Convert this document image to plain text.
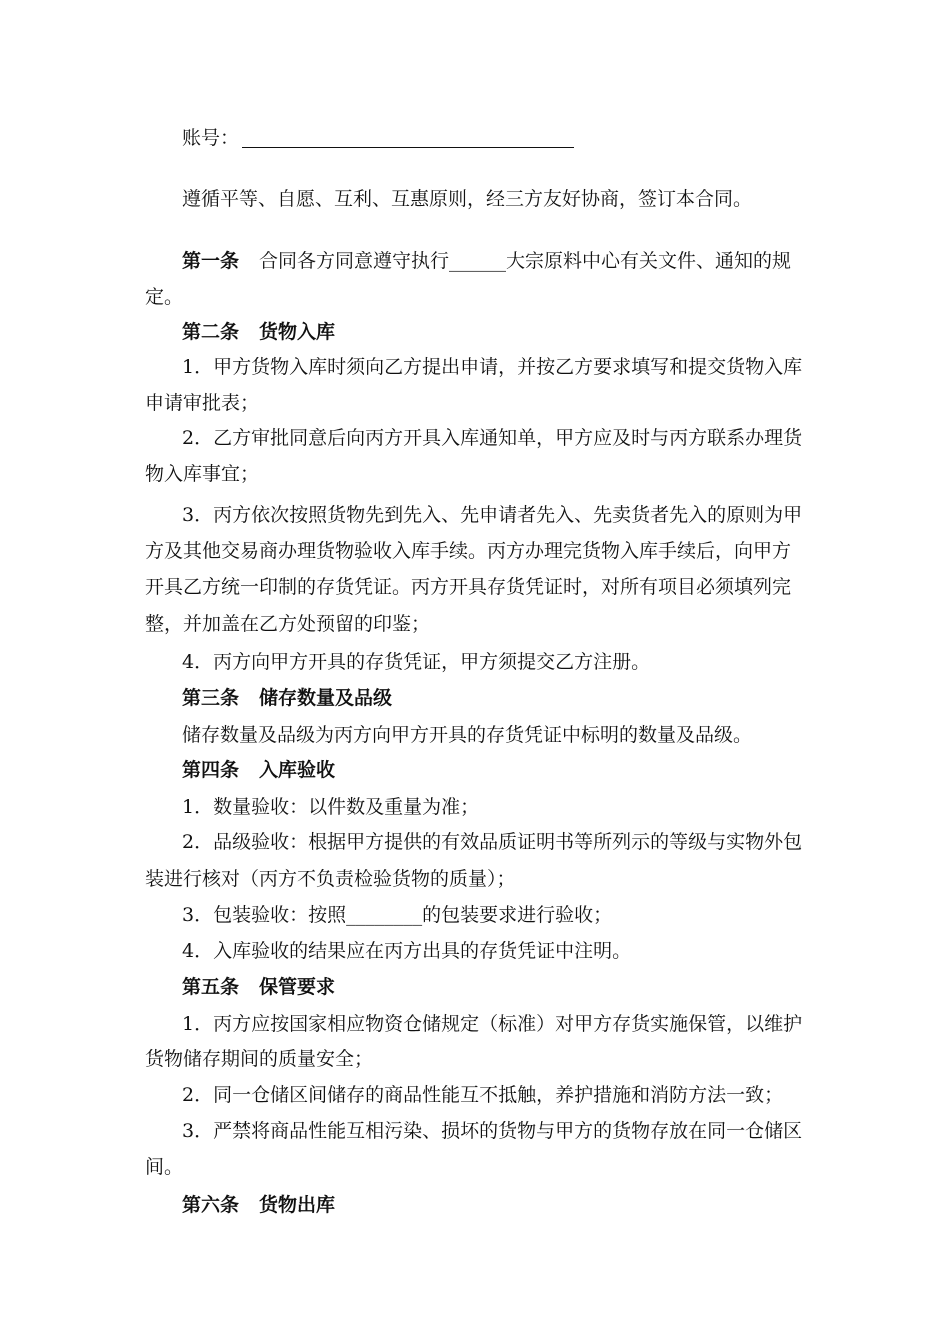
账号：
遵循平等、自愿、互利、互惠原则，经三方友好协商，签订本合同。
第一条 合同各方同意遵守执行______大宗原料中心有关文件、通知的规
定。
第二条 货物入库
1．甲方货物入库时须向乙方提出申请，并按乙方要求填写和提交货物入库
申请审批表；
2．乙方审批同意后向丙方开具入库通知单，甲方应及时与丙方联系办理货
物入库事宜；
3．丙方依次按照货物先到先入、先申请者先入、先卖货者先入的原则为甲
方及其他交易商办理货物验收入库手续。丙方办理完货物入库手续后，向甲方
开具乙方统一印制的存货凭证。丙方开具存货凭证时，对所有项目必须填列完
整，并加盖在乙方处预留的印鉴；
4．丙方向甲方开具的存货凭证，甲方须提交乙方注册。
第三条 储存数量及品级
储存数量及品级为丙方向甲方开具的存货凭证中标明的数量及品级。
第四条 入库验收
1．数量验收：以件数及重量为准；
2．品级验收：根据甲方提供的有效品质证明书等所列示的等级与实物外包
装进行核对（丙方不负责检验货物的质量）；
3．包装验收：按照________的包装要求进行验收；
4．入库验收的结果应在丙方出具的存货凭证中注明。
第五条 保管要求
1．丙方应按国家相应物资仓储规定（标准）对甲方存货实施保管，以维护
货物储存期间的质量安全；
2．同一仓储区间储存的商品性能互不抵触，养护措施和消防方法一致；
3．严禁将商品性能互相污染、损坏的货物与甲方的货物存放在同一仓储区
间。
第六条 货物出库
